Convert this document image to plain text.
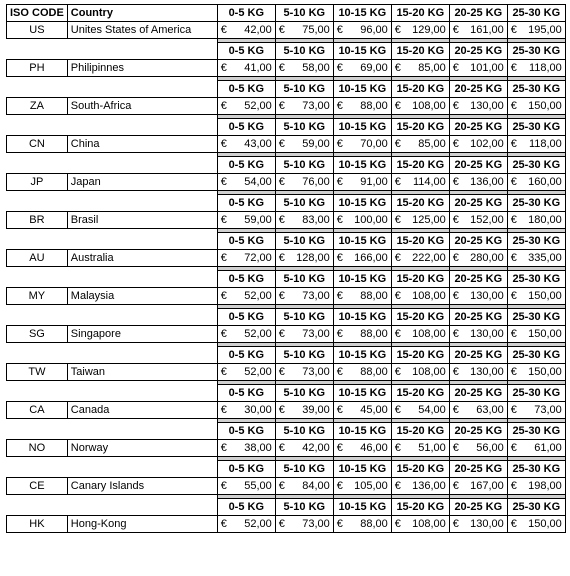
ISO CODE	Country	0-5 KG	5-10 KG	10-15 KG	15-20 KG	20-25 KG	25-30 KG
US	Unites States of America	€ 42,00	€ 75,00	€ 96,00	€ 129,00	€ 161,00	€ 195,00

		0-5 KG	5-10 KG	10-15 KG	15-20 KG	20-25 KG	25-30 KG
PH	Philipinnes	€ 41,00	€ 58,00	€ 69,00	€ 85,00	€ 101,00	€ 118,00

		0-5 KG	5-10 KG	10-15 KG	15-20 KG	20-25 KG	25-30 KG
ZA	South-Africa	€ 52,00	€ 73,00	€ 88,00	€ 108,00	€ 130,00	€ 150,00

		0-5 KG	5-10 KG	10-15 KG	15-20 KG	20-25 KG	25-30 KG
CN	China	€ 43,00	€ 59,00	€ 70,00	€ 85,00	€ 102,00	€ 118,00

		0-5 KG	5-10 KG	10-15 KG	15-20 KG	20-25 KG	25-30 KG
JP	Japan	€ 54,00	€ 76,00	€ 91,00	€ 114,00	€ 136,00	€ 160,00

		0-5 KG	5-10 KG	10-15 KG	15-20 KG	20-25 KG	25-30 KG
BR	Brasil	€ 59,00	€ 83,00	€ 100,00	€ 125,00	€ 152,00	€ 180,00

		0-5 KG	5-10 KG	10-15 KG	15-20 KG	20-25 KG	25-30 KG
AU	Australia	€ 72,00	€ 128,00	€ 166,00	€ 222,00	€ 280,00	€ 335,00

		0-5 KG	5-10 KG	10-15 KG	15-20 KG	20-25 KG	25-30 KG
MY	Malaysia	€ 52,00	€ 73,00	€ 88,00	€ 108,00	€ 130,00	€ 150,00

		0-5 KG	5-10 KG	10-15 KG	15-20 KG	20-25 KG	25-30 KG
SG	Singapore	€ 52,00	€ 73,00	€ 88,00	€ 108,00	€ 130,00	€ 150,00

		0-5 KG	5-10 KG	10-15 KG	15-20 KG	20-25 KG	25-30 KG
TW	Taiwan	€ 52,00	€ 73,00	€ 88,00	€ 108,00	€ 130,00	€ 150,00

		0-5 KG	5-10 KG	10-15 KG	15-20 KG	20-25 KG	25-30 KG
CA	Canada	€ 30,00	€ 39,00	€ 45,00	€ 54,00	€ 63,00	€ 73,00

		0-5 KG	5-10 KG	10-15 KG	15-20 KG	20-25 KG	25-30 KG
NO	Norway	€ 38,00	€ 42,00	€ 46,00	€ 51,00	€ 56,00	€ 61,00

		0-5 KG	5-10 KG	10-15 KG	15-20 KG	20-25 KG	25-30 KG
CE	Canary Islands	€ 55,00	€ 84,00	€ 105,00	€ 136,00	€ 167,00	€ 198,00

		0-5 KG	5-10 KG	10-15 KG	15-20 KG	20-25 KG	25-30 KG
HK	Hong-Kong	€ 52,00	€ 73,00	€ 88,00	€ 108,00	€ 130,00	€ 150,00
